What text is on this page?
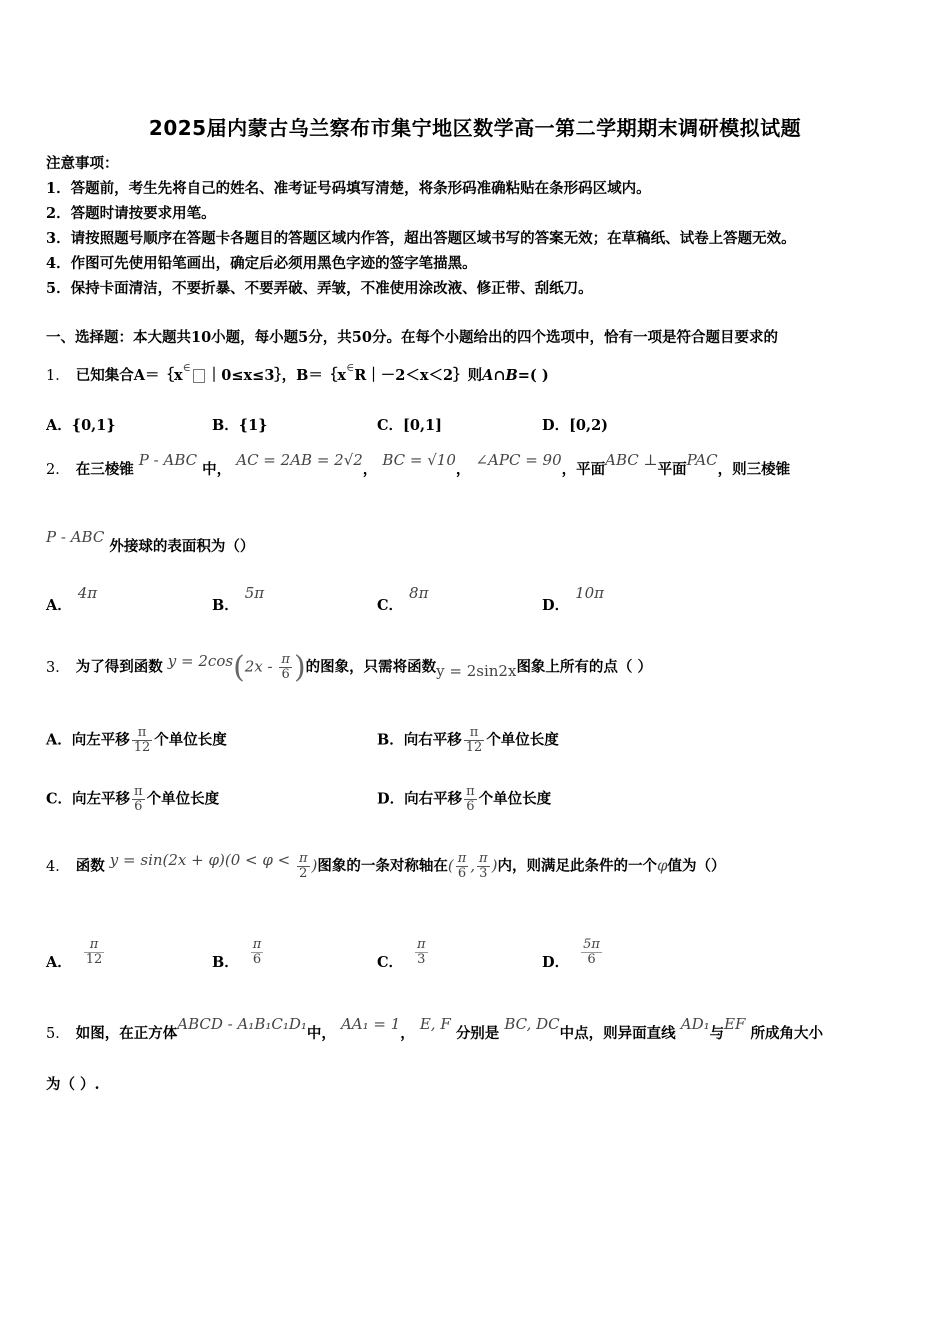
2025届内蒙古乌兰察布市集宁地区数学高一第二学期期末调研模拟试题
注意事项：
1．答题前，考生先将自己的姓名、准考证号码填写清楚，将条形码准确粘贴在条形码区域内。
2．答题时请按要求用笔。
3．请按照题号顺序在答题卡各题目的答题区域内作答，超出答题区域书写的答案无效；在草稿纸、试卷上答题无效。
4．作图可先使用铅笔画出，确定后必须用黑色字迹的签字笔描黑。
5．保持卡面清洁，不要折暴、不要弄破、弄皱，不准使用涂改液、修正带、刮纸刀。
一、选择题：本大题共10小题，每小题5分，共50分。在每个小题给出的四个选项中，恰有一项是符合题目要求的
1． 已知集合A＝｛x∈ ｜0≤x≤3｝，B＝｛x∈R｜－2＜x＜2｝则A∩B=( )
A．{0,1}	B．{1}	C．[0,1]	D．[0,2)
2． 在三棱锥 P - ABC 中， AC = 2AB = 2√2， BC = √10， ∠APC = 90，平面ABC ⊥平面PAC，则三棱锥
P - ABC 外接球的表面积为（）
A．4π
B．5π
C．8π
D．10π
3． 为了得到函数 $y = 2\cos(2x - \frac{\pi}{6}$ )的图象，只需将函数y = 2sin2x图象上所有的点（ ）
A．向左平移 $\frac{\pi}{12}$ 个单位长度	B．向右平移 $\frac{\pi}{12}$ 个单位长度
C．向左平移 $\frac{\pi}{6}$ 个单位长度	D．向右平移 $\frac{\pi}{6}$ 个单位长度
4． 函数 $y = \sin(2x + \varphi)(0 < \varphi < \frac{\pi}{2}$ )图象的一条对称轴在( $\frac{\pi}{6}$ , $\frac{\pi}{3}$ )内，则满足此条件的一个φ值为（）
A． $\frac{\pi}{12}$	B． $\frac{\pi}{6}$	C． $\frac{\pi}{3}$	D． $\frac{5\pi}{6}$
5． 如图，在正方体ABCD - A₁B₁C₁D₁中， AA₁ = 1， E, F 分别是 BC, DC中点，则异面直线 AD₁与EF 所成角大小
为（ ）.
